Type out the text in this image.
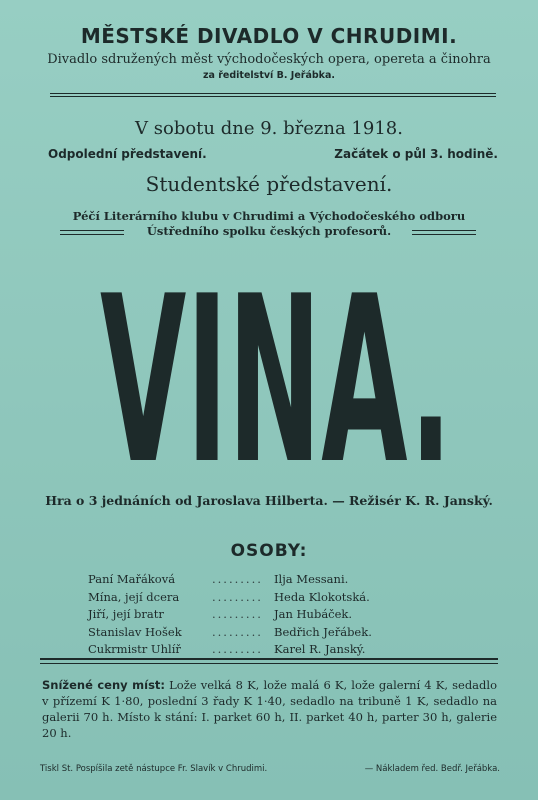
MĚSTSKÉ DIVADLO V CHRUDIMI.
Divadlo sdružených měst východočeských opera, opereta a činohra
za ředitelství B. Jeřábka.
V sobotu dne 9. března 1918.
Odpolední představení.	Začátek o půl 3. hodině.
Studentské představení.
Péčí Literárního klubu v Chrudimi a Východočeského odboru
Ústředního spolku českých profesorů.
VINA.
Hra o 3 jednáních od Jaroslava Hilberta. — Režisér K. R. Janský.
OSOBY:
Paní Mařáková	......... Ilja Messani.
Mína, její dcera	......... Heda Klokotská.
Jiří, její bratr	......... Jan Hubáček.
Stanislav Hošek	......... Bedřich Jeřábek.
Cukrmistr Uhlíř	......... Karel R. Janský.
Snížené ceny míst: Lože velká 8 K, lože malá 6 K, lože galerní 4 K, sedadlo v přízemí K 1·80, poslední 3 řady K 1·40, sedadlo na tribuně 1 K, sedadlo na galerii 70 h. Místo k stání: I. parket 60 h, II. parket 40 h, parter 30 h, galerie 20 h.
Tiskl St. Pospíšila zetě nástupce Fr. Slavík v Chrudimi.	— Nákladem řed. Bedř. Jeřábka.
